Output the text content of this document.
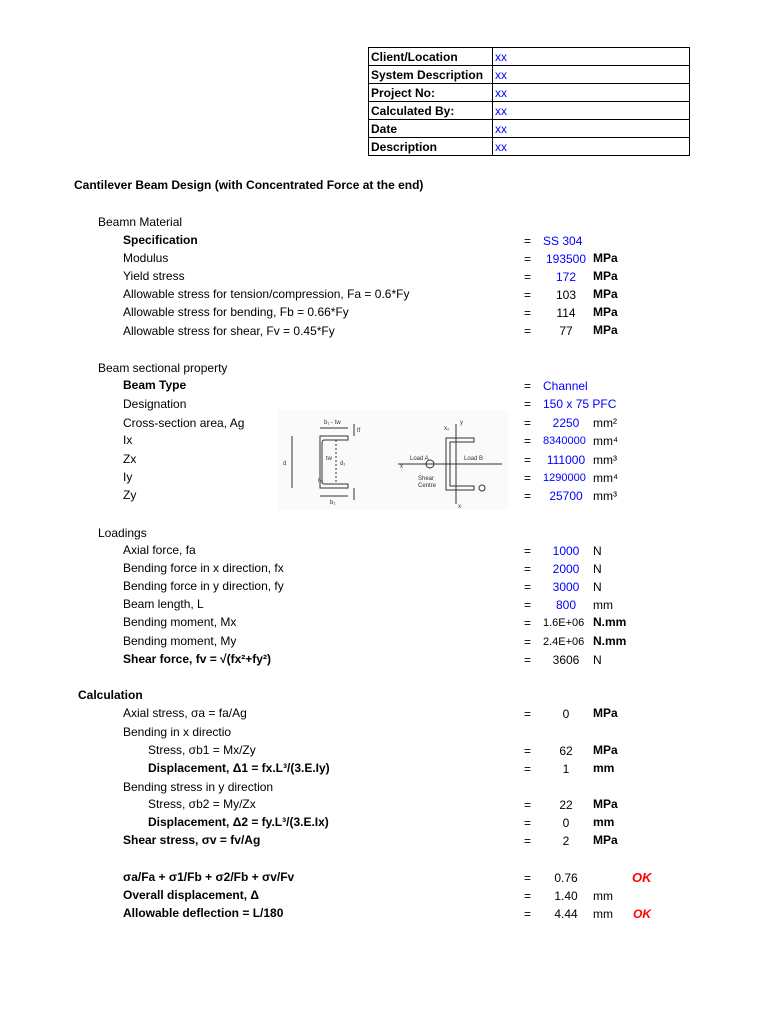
Client/Location	xx
System Description	xx
Project No:	xx
Calculated By:	xx
Date	xx
Description	xx
Cantilever Beam Design (with Concentrated Force at the end)
Beamn Material
Beam sectional property
Loadings
Calculation
Specification	= SS 304
Modulus	=	193500 MPa
Yield stress	=	172	MPa
Allowable stress for tension/compression, Fa = 0.6*Fy	=	103	MPa
Allowable stress for bending, Fb = 0.66*Fy	=	114	MPa
Allowable stress for shear, Fv = 0.45*Fy	=	77	MPa
Beam Type	= Channel
Designation	= 150 x 75 PFC
Cross-section area, Ag	=	2250	mm²
Ix	= 8340000 mm⁴
Zx	=	111000 mm³
Iy	= 1290000 mm⁴
Zy	=	25700 mm³
Axial force, fa	=	1000	N
Bending force in x direction, fx	=	2000	N
Bending force in y direction, fy	=	3000	N
Beam length, L	=	800	mm
Bending moment, Mx	= 1.6E+06 N.mm
Bending moment, My	= 2.4E+06 N.mm
Shear force, fv = √(fx²+fy²)	=	3606	N
Axial stress, σa = fa/Ag	=	0	MPa
Bending in x directio
Stress, σb1 = Mx/Zy	=	62	MPa
Displacement, Δ1 = fx.L³/(3.E.Iy)	=	1	mm
Bending stress in y direction
Stress, σb2 = My/Zx	=	22	MPa
Displacement, Δ2 = fy.L³/(3.E.Ix)	=	0	mm
Shear stress, σv = fv/Ag	=	2	MPa
σa/Fa + σ1/Fb + σ2/Fb + σv/Fv	=	0.76	OK
Overall displacement, Δ	=	1.40	mm
Allowable deflection = L/180	=	4.44	mm OK
b₁ - tw
tf
d
tw
d₁
r₁
b₁
x₀
y
x
Load A	Load B
Shear
Centre
x
